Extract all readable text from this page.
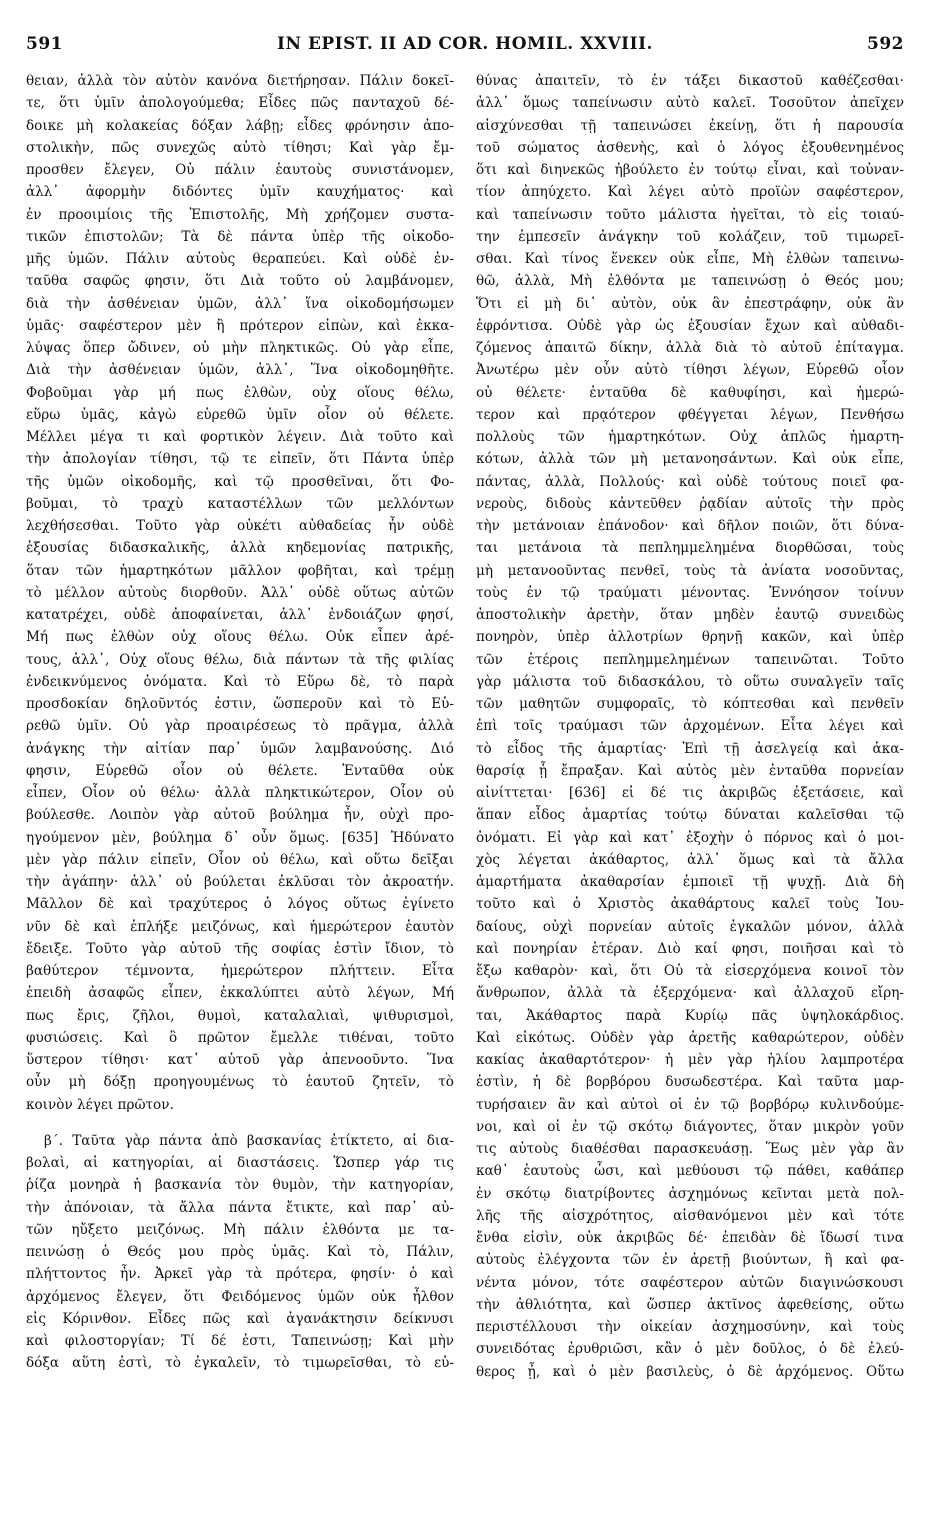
591	IN EPIST. II AD COR. HOMIL. XXVIII.	592
θειαν, ἀλλὰ τὸν αὐτὸν κανόνα διετήρησαν. Πάλιν δοκεῖ-
τε, ὅτι ὑμῖν ἀπολογούμεθα; Εἶδες πῶς πανταχοῦ δέ-
δοικε μὴ κολακείας δόξαν λάβῃ; εἶδες φρόνησιν ἀπο-
στολικὴν, πῶς συνεχῶς αὐτὸ τίθησι; Καὶ γὰρ ἔμ-
προσθεν ἔλεγεν, Οὐ πάλιν ἑαυτοὺς συνιστάνομεν,
ἀλλ᾽ ἀφορμὴν διδόντες ὑμῖν καυχήματος· καὶ
ἐν προοιμίοις τῆς Ἐπιστολῆς, Μὴ χρήζομεν συστα-
τικῶν ἐπιστολῶν; Τὰ δὲ πάντα ὑπὲρ τῆς οἰκοδο-
μῆς ὑμῶν. Πάλιν αὐτοὺς θεραπεύει. Καὶ οὐδὲ ἐν-
ταῦθα σαφῶς φησιν, ὅτι Διὰ τοῦτο οὐ λαμβάνομεν,
διὰ τὴν ἀσθένειαν ὑμῶν, ἀλλ᾽ ἵνα οἰκοδομήσωμεν
ὑμᾶς· σαφέστερον μὲν ἢ πρότερον εἰπὼν, καὶ ἐκκα-
λύψας ὅπερ ὤδινεν, οὐ μὴν πληκτικῶς. Οὐ γὰρ εἶπε,
Διὰ τὴν ἀσθένειαν ὑμῶν, ἀλλ᾽, Ἵνα οἰκοδομηθῆτε.
Φοβοῦμαι γὰρ μή πως ἐλθὼν, οὐχ οἵους θέλω,
εὕρω ὑμᾶς, κἀγὼ εὑρεθῶ ὑμῖν οἷον οὐ θέλετε.
Μέλλει μέγα τι καὶ φορτικὸν λέγειν. Διὰ τοῦτο καὶ
τὴν ἀπολογίαν τίθησι, τῷ τε εἰπεῖν, ὅτι Πάντα ὑπὲρ
τῆς ὑμῶν οἰκοδομῆς, καὶ τῷ προσθεῖναι, ὅτι Φο-
βοῦμαι, τὸ τραχὺ καταστέλλων τῶν μελλόντων
λεχθήσεσθαι. Τοῦτο γὰρ οὐκέτι αὐθαδείας ἦν οὐδὲ
ἐξουσίας διδασκαλικῆς, ἀλλὰ κηδεμονίας πατρικῆς,
ὅταν τῶν ἡμαρτηκότων μᾶλλον φοβῆται, καὶ τρέμῃ
τὸ μέλλον αὐτοὺς διορθοῦν. Ἀλλ᾽ οὐδὲ οὕτως αὐτῶν
κατατρέχει, οὐδὲ ἀποφαίνεται, ἀλλ᾽ ἐνδοιάζων φησί,
Μή πως ἐλθὼν οὐχ οἵους θέλω. Οὐκ εἶπεν ἀρέ-
τους, ἀλλ᾽, Οὐχ οἵους θέλω, διὰ πάντων τὰ τῆς φιλίας
ἐνδεικνύμενος ὀνόματα. Καὶ τὸ Εὕρω δὲ, τὸ παρὰ
προσδοκίαν δηλοῦντός ἐστιν, ὥσπεροῦν καὶ τὸ Εὑ-
ρεθῶ ὑμῖν. Οὐ γὰρ προαιρέσεως τὸ πρᾶγμα, ἀλλὰ
ἀνάγκης τὴν αἰτίαν παρ᾽ ὑμῶν λαμβανούσης. Διό
φησιν, Εὑρεθῶ οἷον οὐ θέλετε. Ἐνταῦθα οὐκ
εἶπεν, Οἷον οὐ θέλω· ἀλλὰ πληκτικώτερον, Οἷον οὐ
βούλεσθε. Λοιπὸν γὰρ αὐτοῦ βούλημα ἦν, οὐχὶ προ-
ηγούμενον μὲν, βούλημα δ᾽ οὖν ὅμως. [635] Ἠδύνατο
μὲν γὰρ πάλιν εἰπεῖν, Οἷον οὐ θέλω, καὶ οὕτω δεῖξαι
τὴν ἀγάπην· ἀλλ᾽ οὐ βούλεται ἐκλῦσαι τὸν ἀκροατήν.
Μᾶλλον δὲ καὶ τραχύτερος ὁ λόγος οὕτως ἐγίνετο
νῦν δὲ καὶ ἐπλήξε μειζόνως, καὶ ἡμερώτερον ἑαυτὸν
ἔδειξε. Τοῦτο γὰρ αὐτοῦ τῆς σοφίας ἐστὶν ἴδιον, τὸ
βαθύτερον τέμνοντα, ἡμερώτερον πλήττειν. Εἶτα
ἐπειδὴ ἀσαφῶς εἶπεν, ἐκκαλύπτει αὐτὸ λέγων, Μή
πως ἔρις, ζῆλοι, θυμοὶ, καταλαλιαὶ, ψιθυρισμοὶ,
φυσιώσεις. Καὶ ὃ πρῶτον ἔμελλε τιθέναι, τοῦτο
ὕστερον τίθησι· κατ᾽ αὐτοῦ γὰρ ἀπενοοῦντο. Ἵνα
οὖν μὴ δόξῃ προηγουμένως τὸ ἑαυτοῦ ζητεῖν, τὸ
κοινὸν λέγει πρῶτον.
β΄. Ταῦτα γὰρ πάντα ἀπὸ βασκανίας ἐτίκτετο, αἱ δια-
βολαὶ, αἱ κατηγορίαι, αἱ διαστάσεις. Ὥσπερ γάρ τις
ῥίζα μονηρὰ ἡ βασκανία τὸν θυμὸν, τὴν κατηγορίαν,
τὴν ἀπόνοιαν, τὰ ἄλλα πάντα ἔτικτε, καὶ παρ᾽ αὐ-
τῶν ηὔξετο μειζόνως. Μὴ πάλιν ἐλθόντα με τα-
πεινώσῃ ὁ Θεός μου πρὸς ὑμᾶς. Καὶ τὸ, Πάλιν,
πλήττοντος ἦν. Ἀρκεῖ γὰρ τὰ πρότερα, φησίν· ὁ καὶ
ἀρχόμενος ἔλεγεν, ὅτι Φειδόμενος ὑμῶν οὐκ ἦλθον
εἰς Κόρινθον. Εἶδες πῶς καὶ ἀγανάκτησιν δείκνυσι
καὶ φιλοστοργίαν; Τί δέ ἐστι, Ταπεινώσῃ; Καὶ μὴν
δόξα αὕτη ἐστὶ, τὸ ἐγκαλεῖν, τὸ τιμωρεῖσθαι, τὸ εὐ-
θύνας ἀπαιτεῖν, τὸ ἐν τάξει δικαστοῦ καθέζεσθαι·
ἀλλ᾽ ὅμως ταπείνωσιν αὐτὸ καλεῖ. Τοσοῦτον ἀπεῖχεν
αἰσχύνεσθαι τῇ ταπεινώσει ἐκείνῃ, ὅτι ἡ παρουσία
τοῦ σώματος ἀσθενὴς, καὶ ὁ λόγος ἐξουθενημένος
ὅτι καὶ διηνεκῶς ἠβούλετο ἐν τούτῳ εἶναι, καὶ τοὐναν-
τίον ἀπηύχετο. Καὶ λέγει αὐτὸ προϊὼν σαφέστερον,
καὶ ταπείνωσιν τοῦτο μάλιστα ἡγεῖται, τὸ εἰς τοιαύ-
την ἐμπεσεῖν ἀνάγκην τοῦ κολάζειν, τοῦ τιμωρεῖ-
σθαι. Καὶ τίνος ἕνεκεν οὐκ εἶπε, Μὴ ἐλθὼν ταπεινω-
θῶ, ἀλλὰ, Μὴ ἐλθόντα με ταπεινώσῃ ὁ Θεός μου;
Ὅτι εἰ μὴ δι᾽ αὐτὸν, οὐκ ἂν ἐπεστράφην, οὐκ ἂν
ἐφρόντισα. Οὐδὲ γὰρ ὡς ἐξουσίαν ἔχων καὶ αὐθαδι-
ζόμενος ἀπαιτῶ δίκην, ἀλλὰ διὰ τὸ αὐτοῦ ἐπίταγμα.
Ἀνωτέρω μὲν οὖν αὐτὸ τίθησι λέγων, Εὑρεθῶ οἷον
οὐ θέλετε· ἐνταῦθα δὲ καθυφίησι, καὶ ἡμερώ-
τερον καὶ πρᾳότερον φθέγγεται λέγων, Πενθήσω
πολλοὺς τῶν ἡμαρτηκότων. Οὐχ ἁπλῶς ἡμαρτη-
κότων, ἀλλὰ τῶν μὴ μετανοησάντων. Καὶ οὐκ εἶπε,
πάντας, ἀλλὰ, Πολλούς· καὶ οὐδὲ τούτους ποιεῖ φα-
νεροὺς, διδοὺς κἀντεῦθεν ῥᾳδίαν αὐτοῖς τὴν πρὸς
τὴν μετάνοιαν ἐπάνοδον· καὶ δῆλον ποιῶν, ὅτι δύνα-
ται μετάνοια τὰ πεπλημμελημένα διορθῶσαι, τοὺς
μὴ μετανοοῦντας πενθεῖ, τοὺς τὰ ἀνίατα νοσοῦντας,
τοὺς ἐν τῷ τραύματι μένοντας. Ἐννόησον τοίνυν
ἀποστολικὴν ἀρετὴν, ὅταν μηδὲν ἑαυτῷ συνειδὼς
πονηρὸν, ὑπὲρ ἀλλοτρίων θρηνῇ κακῶν, καὶ ὑπὲρ
τῶν ἑτέροις πεπλημμελημένων ταπεινῶται. Τοῦτο
γὰρ μάλιστα τοῦ διδασκάλου, τὸ οὕτω συναλγεῖν ταῖς
τῶν μαθητῶν συμφοραῖς, τὸ κόπτεσθαι καὶ πενθεῖν
ἐπὶ τοῖς τραύμασι τῶν ἀρχομένων. Εἶτα λέγει καὶ
τὸ εἶδος τῆς ἁμαρτίας· Ἐπὶ τῇ ἀσελγείᾳ καὶ ἀκα-
θαρσίᾳ ᾗ ἔπραξαν. Καὶ αὐτὸς μὲν ἐνταῦθα πορνείαν
αἰνίττεται· [636] εἰ δέ τις ἀκριβῶς ἐξετάσειε, καὶ
ἅπαν εἶδος ἁμαρτίας τούτῳ δύναται καλεῖσθαι τῷ
ὀνόματι. Εἰ γὰρ καὶ κατ᾽ ἐξοχὴν ὁ πόρνος καὶ ὁ μοι-
χὸς λέγεται ἀκάθαρτος, ἀλλ᾽ ὅμως καὶ τὰ ἄλλα
ἁμαρτήματα ἀκαθαρσίαν ἐμποιεῖ τῇ ψυχῇ. Διὰ δὴ
τοῦτο καὶ ὁ Χριστὸς ἀκαθάρτους καλεῖ τοὺς Ἰου-
δαίους, οὐχὶ πορνείαν αὐτοῖς ἐγκαλῶν μόνον, ἀλλὰ
καὶ πονηρίαν ἑτέραν. Διὸ καί φησι, ποιῆσαι καὶ τὸ
ἔξω καθαρὸν· καὶ, ὅτι Οὐ τὰ εἰσερχόμενα κοινοῖ τὸν
ἄνθρωπον, ἀλλὰ τὰ ἐξερχόμενα· καὶ ἀλλαχοῦ εἴρη-
ται, Ἀκάθαρτος παρὰ Κυρίῳ πᾶς ὑψηλοκάρδιος.
Καὶ εἰκότως. Οὐδὲν γὰρ ἀρετῆς καθαρώτερον, οὐδὲν
κακίας ἀκαθαρτότερον· ἡ μὲν γὰρ ἡλίου λαμπροτέρα
ἐστὶν, ἡ δὲ βορβόρου δυσωδεστέρα. Καὶ ταῦτα μαρ-
τυρήσαιεν ἂν καὶ αὐτοὶ οἱ ἐν τῷ βορβόρῳ κυλινδούμε-
νοι, καὶ οἱ ἐν τῷ σκότῳ διάγοντες, ὅταν μικρὸν γοῦν
τις αὐτοὺς διαθέσθαι παρασκευάσῃ. Ἕως μὲν γὰρ ἂν
καθ᾽ ἑαυτοὺς ὦσι, καὶ μεθύουσι τῷ πάθει, καθάπερ
ἐν σκότῳ διατρίβοντες ἀσχημόνως κεῖνται μετὰ πολ-
λῆς τῆς αἰσχρότητος, αἰσθανόμενοι μὲν καὶ τότε
ἔνθα εἰσὶν, οὐκ ἀκριβῶς δέ· ἐπειδὰν δὲ ἴδωσί τινα
αὐτοὺς ἐλέγχοντα τῶν ἐν ἀρετῇ βιούντων, ἢ καὶ φα-
νέντα μόνον, τότε σαφέστερον αὐτῶν διαγινώσκουσι
τὴν ἀθλιότητα, καὶ ὥσπερ ἀκτῖνος ἀφεθείσης, οὕτω
περιστέλλουσι τὴν οἰκείαν ἀσχημοσύνην, καὶ τοὺς
συνειδότας ἐρυθριῶσι, κἂν ὁ μὲν δοῦλος, ὁ δὲ ἐλεύ-
θερος ᾖ, καὶ ὁ μὲν βασιλεὺς, ὁ δὲ ἀρχόμενος. Οὕτω
